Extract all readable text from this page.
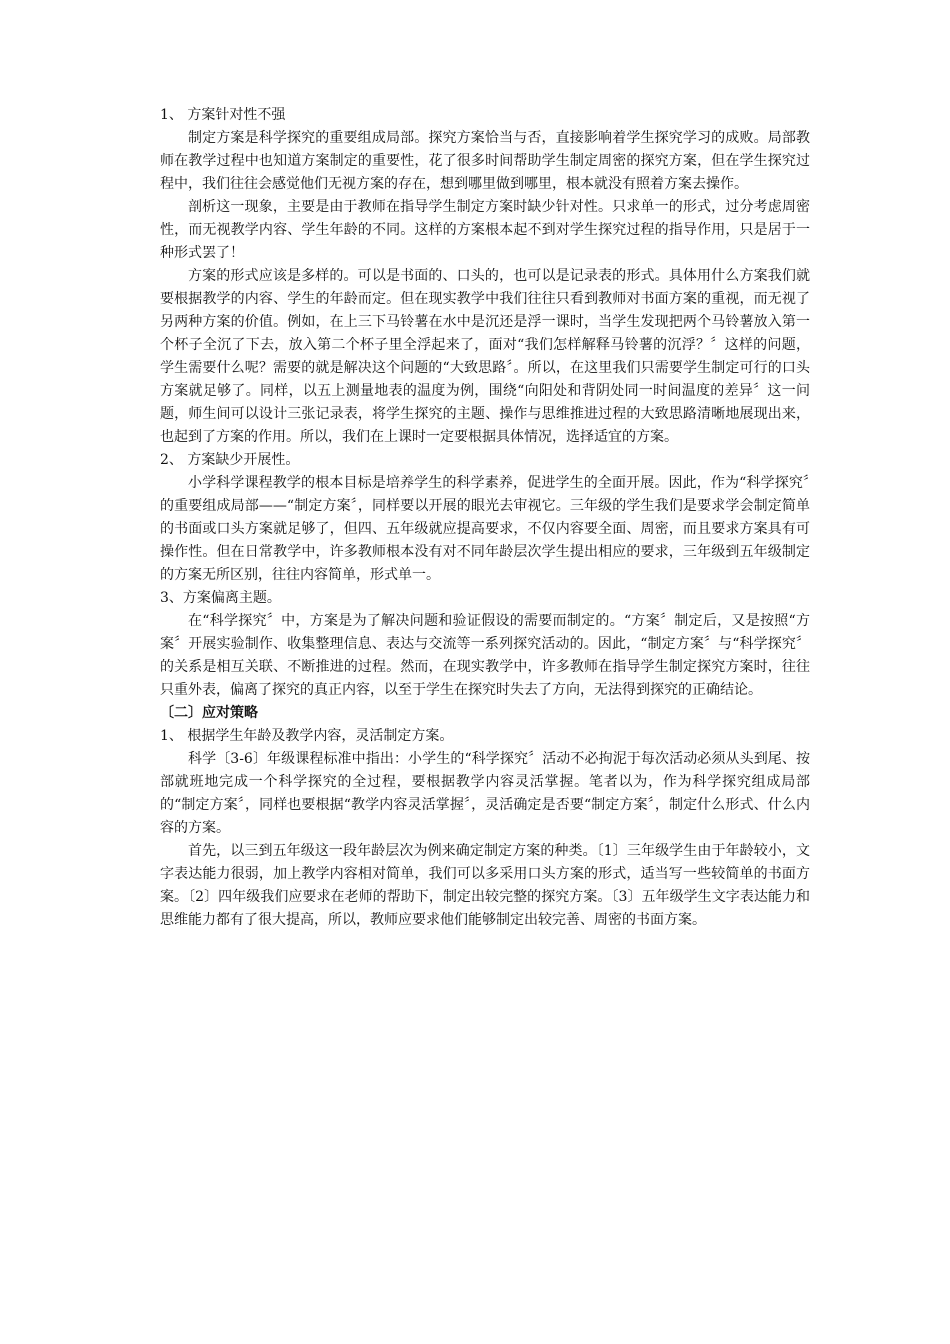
1、 方案针对性不强

制定方案是科学探究的重要组成局部。探究方案恰当与否，直接影响着学生探究学习的成败。局部教师在教学过程中也知道方案制定的重要性，花了很多时间帮助学生制定周密的探究方案，但在学生探究过程中，我们往往会感觉他们无视方案的存在，想到哪里做到哪里，根本就没有照着方案去操作。

剖析这一现象，主要是由于教师在指导学生制定方案时缺少针对性。只求单一的形式，过分考虑周密性，而无视教学内容、学生年龄的不同。这样的方案根本起不到对学生探究过程的指导作用，只是居于一种形式罢了！

方案的形式应该是多样的。可以是书面的、口头的，也可以是记录表的形式。具体用什么方案我们就要根据教学的内容、学生的年龄而定。但在现实教学中我们往往只看到教师对书面方案的重视，而无视了另两种方案的价值。例如，在上三下马铃薯在水中是沉还是浮一课时，当学生发现把两个马铃薯放入第一个杯子全沉了下去，放入第二个杯子里全浮起来了，面对“我们怎样解释马铃薯的沉浮？〞这样的问题，学生需要什么呢？需要的就是解决这个问题的“大致思路〞。所以，在这里我们只需要学生制定可行的口头方案就足够了。同样，以五上测量地表的温度为例，围绕“向阳处和背阴处同一时间温度的差异〞这一问题，师生间可以设计三张记录表，将学生探究的主题、操作与思维推进过程的大致思路清晰地展现出来，也起到了方案的作用。所以，我们在上课时一定要根据具体情况，选择适宜的方案。

2、 方案缺少开展性。

小学科学课程教学的根本目标是培养学生的科学素养，促进学生的全面开展。因此，作为“科学探究〞的重要组成局部——“制定方案〞，同样要以开展的眼光去审视它。三年级的学生我们是要求学会制定简单的书面或口头方案就足够了，但四、五年级就应提高要求，不仅内容要全面、周密，而且要求方案具有可操作性。但在日常教学中，许多教师根本没有对不同年龄层次学生提出相应的要求，三年级到五年级制定的方案无所区别，往往内容简单，形式单一。

3、方案偏离主题。

在“科学探究〞中，方案是为了解决问题和验证假设的需要而制定的。“方案〞制定后，又是按照“方案〞开展实验制作、收集整理信息、表达与交流等一系列探究活动的。因此，“制定方案〞与“科学探究〞的关系是相互关联、不断推进的过程。然而，在现实教学中，许多教师在指导学生制定探究方案时，往往只重外表，偏离了探究的真正内容，以至于学生在探究时失去了方向，无法得到探究的正确结论。

〔二〕应对策略

1、 根据学生年龄及教学内容，灵活制定方案。

科学〔3-6〕年级课程标准中指出：小学生的“科学探究〞活动不必拘泥于每次活动必须从头到尾、按部就班地完成一个科学探究的全过程，要根据教学内容灵活掌握。笔者以为，作为科学探究组成局部的“制定方案〞，同样也要根据“教学内容灵活掌握〞，灵活确定是否要“制定方案〞，制定什么形式、什么内容的方案。

首先，以三到五年级这一段年龄层次为例来确定制定方案的种类。〔1〕三年级学生由于年龄较小，文字表达能力很弱，加上教学内容相对简单，我们可以多采用口头方案的形式，适当写一些较简单的书面方案。〔2〕四年级我们应要求在老师的帮助下，制定出较完整的探究方案。〔3〕五年级学生文字表达能力和思维能力都有了很大提高，所以，教师应要求他们能够制定出较完善、周密的书面方案。
